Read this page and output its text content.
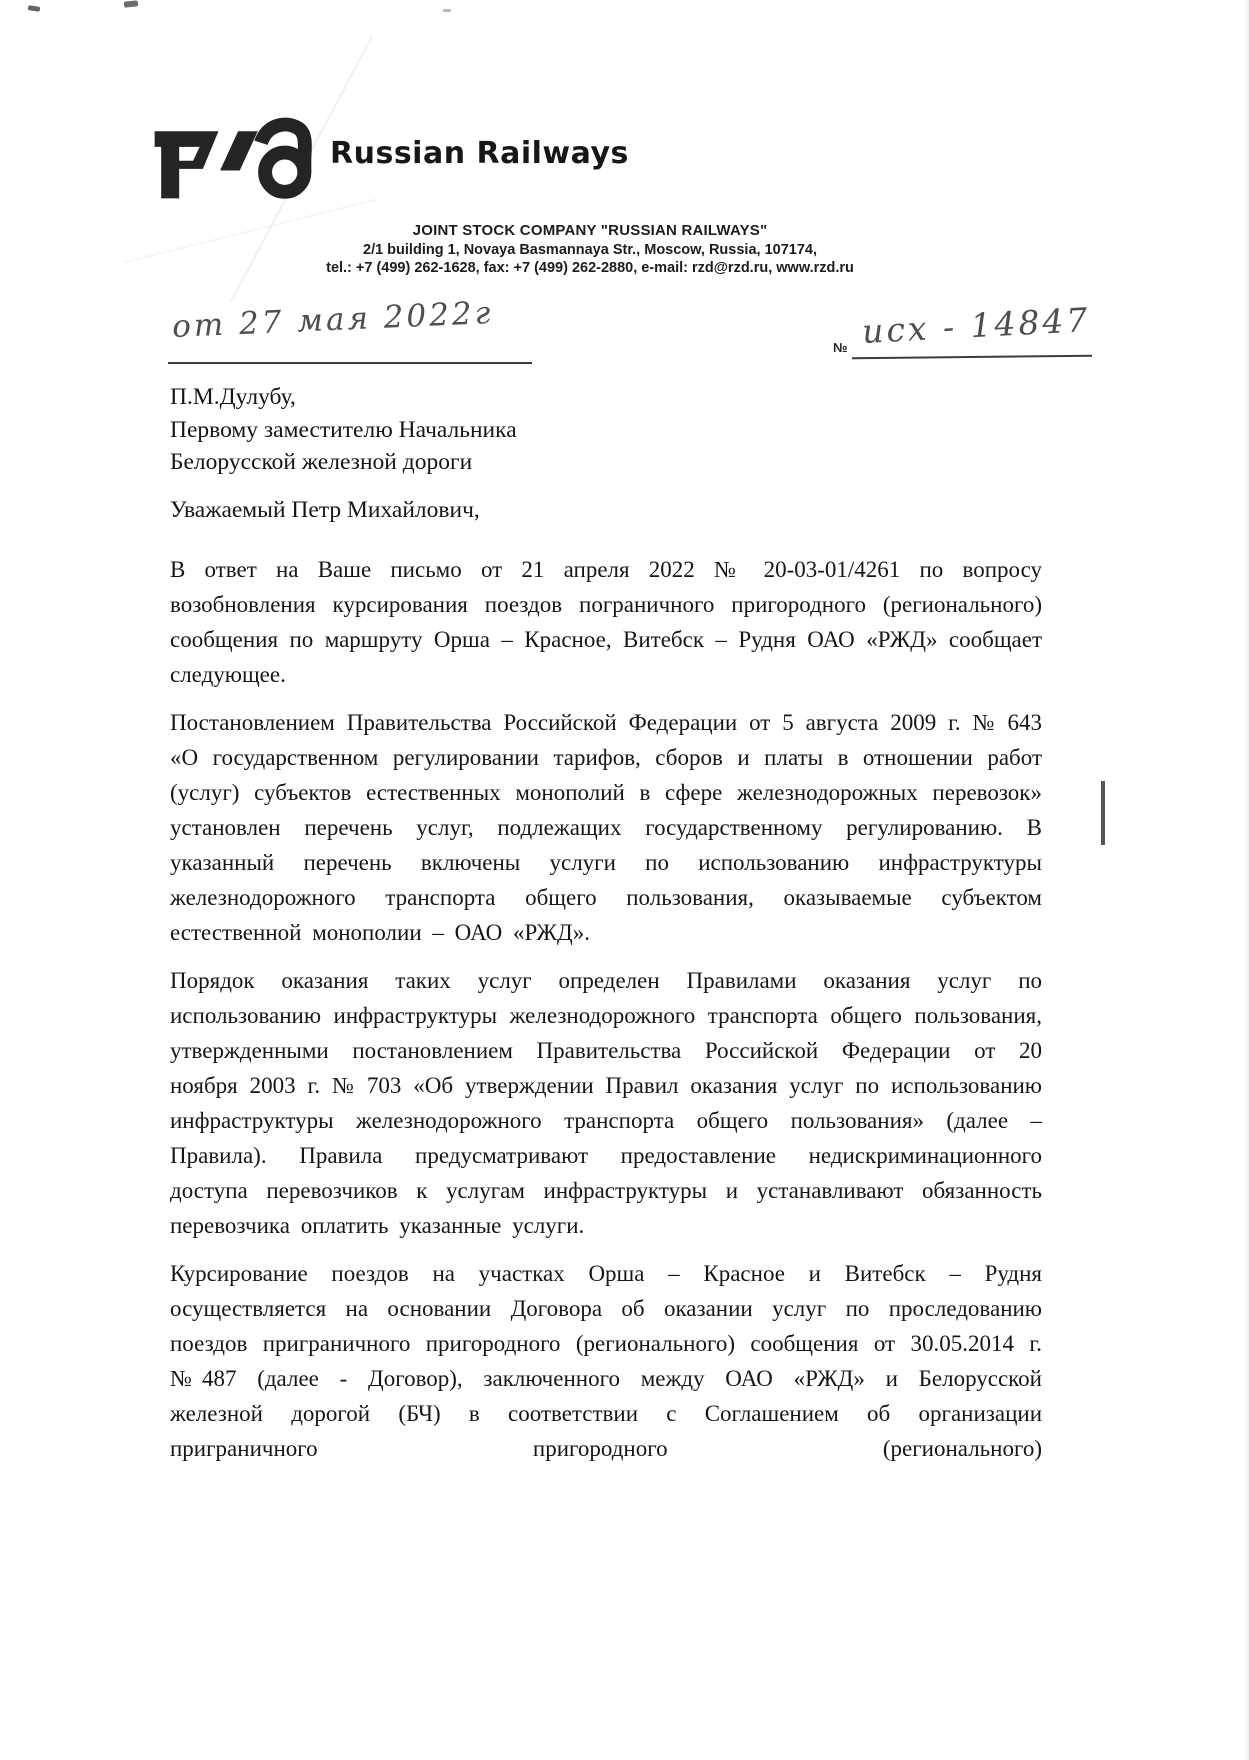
Russian Railways
JOINT STOCK COMPANY "RUSSIAN RAILWAYS"
2/1 building 1, Novaya Basmannaya Str., Moscow, Russia, 107174,
tel.: +7 (499) 262-1628, fax: +7 (499) 262-2880, e-mail: rzd@rzd.ru, www.rzd.ru
от 27 мая 2022г
№ исх - 14847
П.М.Дулубу,
Первому заместителю Начальника
Белорусской железной дороги
Уважаемый Петр Михайлович,

В ответ на Ваше письмо от 21 апреля 2022 № 20-03-01/4261 по вопросу возобновления курсирования поездов пограничного пригородного (регионального) сообщения по маршруту Орша – Красное, Витебск – Рудня ОАО «РЖД» сообщает следующее.

Постановлением Правительства Российской Федерации от 5 августа 2009 г. № 643 «О государственном регулировании тарифов, сборов и платы в отношении работ (услуг) субъектов естественных монополий в сфере железнодорожных перевозок» установлен перечень услуг, подлежащих государственному регулированию. В указанный перечень включены услуги по использованию инфраструктуры железнодорожного транспорта общего пользования, оказываемые субъектом естественной монополии – ОАО «РЖД».

Порядок оказания таких услуг определен Правилами оказания услуг по использованию инфраструктуры железнодорожного транспорта общего пользования, утвержденными постановлением Правительства Российской Федерации от 20 ноября 2003 г. № 703 «Об утверждении Правил оказания услуг по использованию инфраструктуры железнодорожного транспорта общего пользования» (далее – Правила). Правила предусматривают предоставление недискриминационного доступа перевозчиков к услугам инфраструктуры и устанавливают обязанность перевозчика оплатить указанные услуги.

Курсирование поездов на участках Орша – Красное и Витебск – Рудня осуществляется на основании Договора об оказании услуг по проследованию поездов приграничного пригородного (регионального) сообщения от 30.05.2014 г. №487 (далее - Договор), заключенного между ОАО «РЖД» и Белорусской железной дорогой (БЧ) в соответствии с Соглашением об организации приграничного пригородного (регионального)
